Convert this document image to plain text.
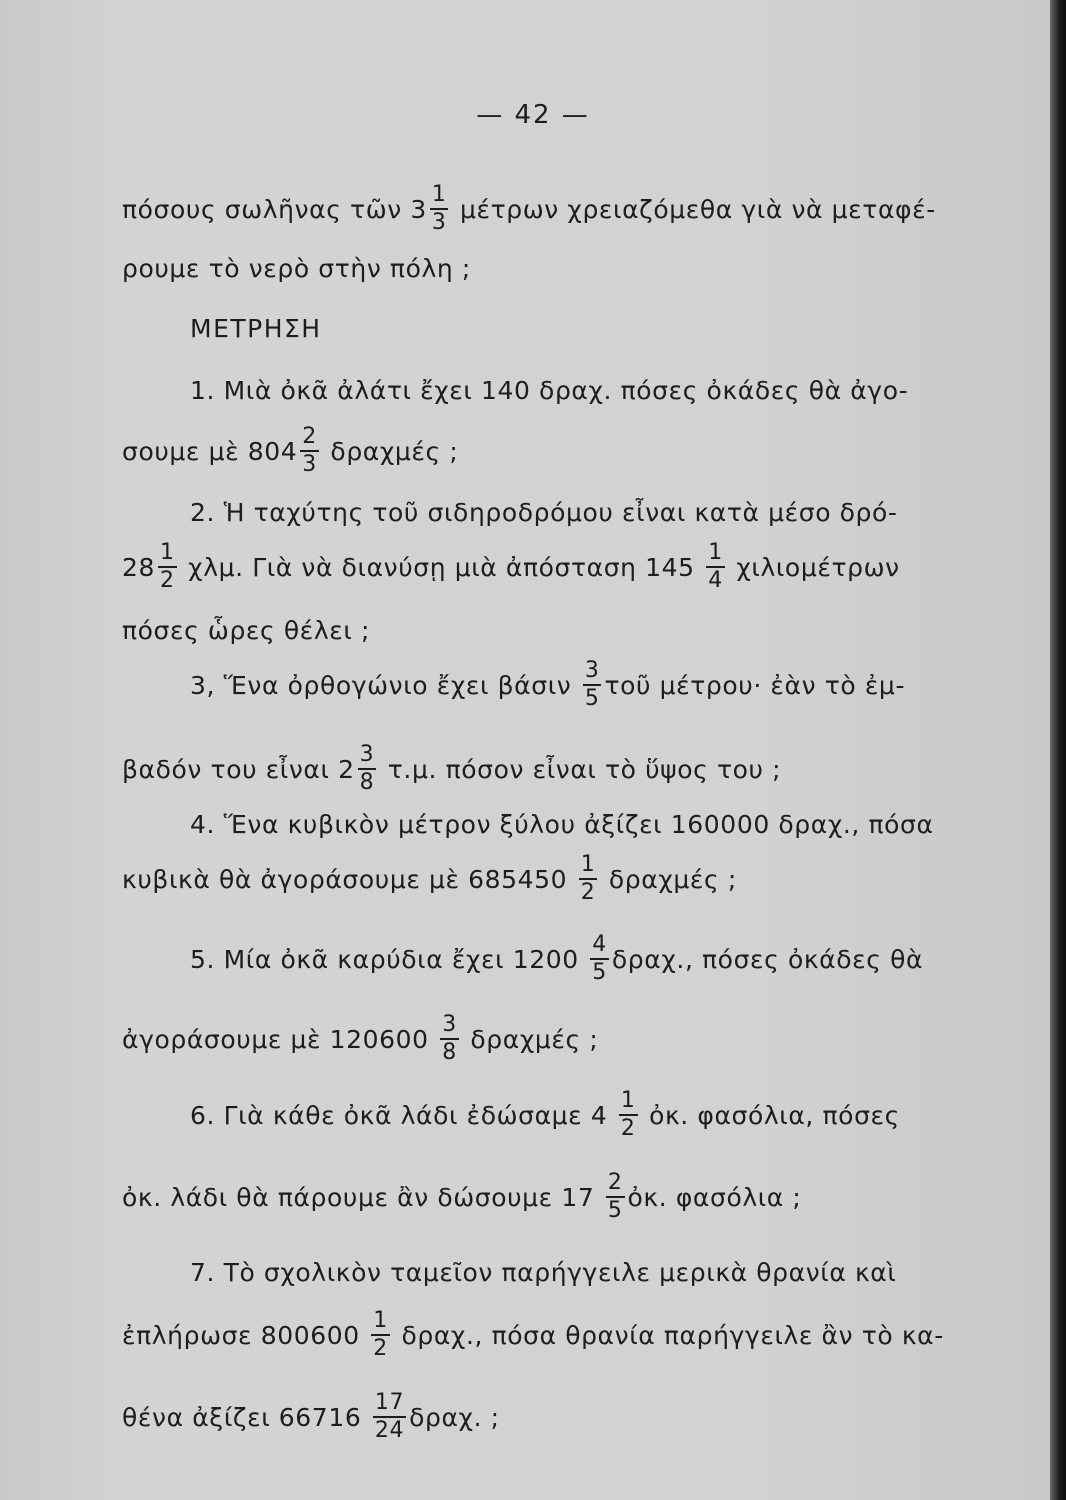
— 42 —
πόσους σωλῆνας τῶν $3 \frac{1}{3}$ μέτρων χρειαζόμεθα γιὰ νὰ μεταφέ-
ρουμε τὸ νερὸ στὴν πόλη ;
ΜΕΤΡΗΣΗ
1. Μιὰ ὀκᾶ ἀλάτι ἔχει 140 δραχ. πόσες ὀκάδες θὰ ἀγο-
σουμε μὲ $804 \frac{2}{3}$ δραχμές ;
2. Ἡ ταχύτης τοῦ σιδηροδρόμου εἶναι κατὰ μέσο δρό-
$28 \frac{1}{2} \chi\lambda\mu$. Γιὰ νὰ διανύσῃ μιὰ ἀπόσταση $145 \frac{1}{4}$ χιλιομέτρων
πόσες ὧρες θέλει ;
3, Ἕνα ὀρθογώνιο ἔχει βάσιν $\frac{3}{5}$ τοῦ μέτρου· ἐὰν τὸ ἐμ-
βαδόν του εἶναι $2 \frac{3}{8} \tau.\mu$. πόσον εἶναι τὸ ὕψος του ;
4. Ἕνα κυβικὸν μέτρον ξύλου ἀξίζει 160000 δραχ., πόσα
κυβικὰ θὰ ἀγοράσουμε μὲ $685450 \frac{1}{2}$ δραχμές ;
5. Μία ὀκᾶ καρύδια ἔχει $1200 \frac{4}{5} \delta\rho\alpha\chi$., πόσες ὀκάδες θὰ
ἀγοράσουμε μὲ $120600 \frac{3}{8}$ δραχμές ;
6. Γιὰ κάθε ὀκᾶ λάδι ἐδώσαμε $4 \frac{1}{2}$ ὀκ. φασόλια, πόσες
ὀκ. λάδι θὰ πάρουμε ἂν δώσουμε $17 \frac{2}{5}$ ὀκ. φασόλια ;
7. Τὸ σχολικὸν ταμεῖον παρήγγειλε μερικὰ θρανία καὶ
ἐπλήρωσε $800600 \frac{1}{2} \delta\rho\alpha\chi$., πόσα θρανία παρήγγειλε ἂν τὸ κα-
θένα ἀξίζει $66716 \frac{17}{24} \delta\rho\alpha\chi$. ;
